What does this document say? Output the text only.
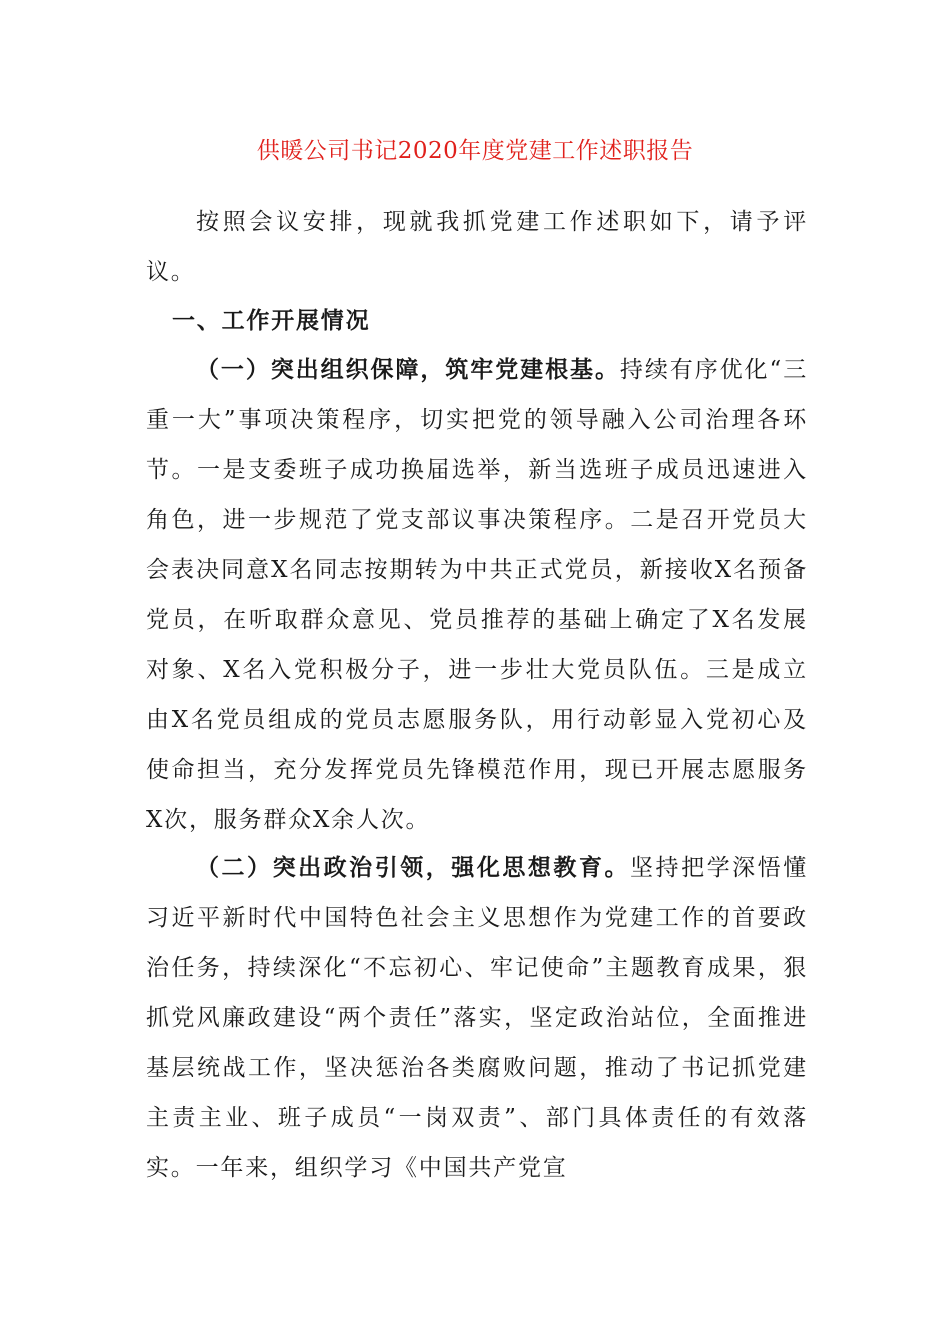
供暖公司书记2020年度党建工作述职报告
按照会议安排，现就我抓党建工作述职如下，请予评议。
一、工作开展情况
（一）突出组织保障，筑牢党建根基。持续有序优化“三重一大”事项决策程序，切实把党的领导融入公司治理各环节。一是支委班子成功换届选举，新当选班子成员迅速进入角色，进一步规范了党支部议事决策程序。二是召开党员大会表决同意X名同志按期转为中共正式党员，新接收X名预备党员，在听取群众意见、党员推荐的基础上确定了X名发展对象、X名入党积极分子，进一步壮大党员队伍。三是成立由X名党员组成的党员志愿服务队，用行动彰显入党初心及使命担当，充分发挥党员先锋模范作用，现已开展志愿服务X次，服务群众X余人次。
（二）突出政治引领，强化思想教育。坚持把学深悟懂习近平新时代中国特色社会主义思想作为党建工作的首要政治任务，持续深化“不忘初心、牢记使命”主题教育成果，狠抓党风廉政建设“两个责任”落实，坚定政治站位，全面推进基层统战工作，坚决惩治各类腐败问题，推动了书记抓党建主责主业、班子成员“一岗双责”、部门具体责任的有效落实。一年来，组织学习《中国共产党宣
